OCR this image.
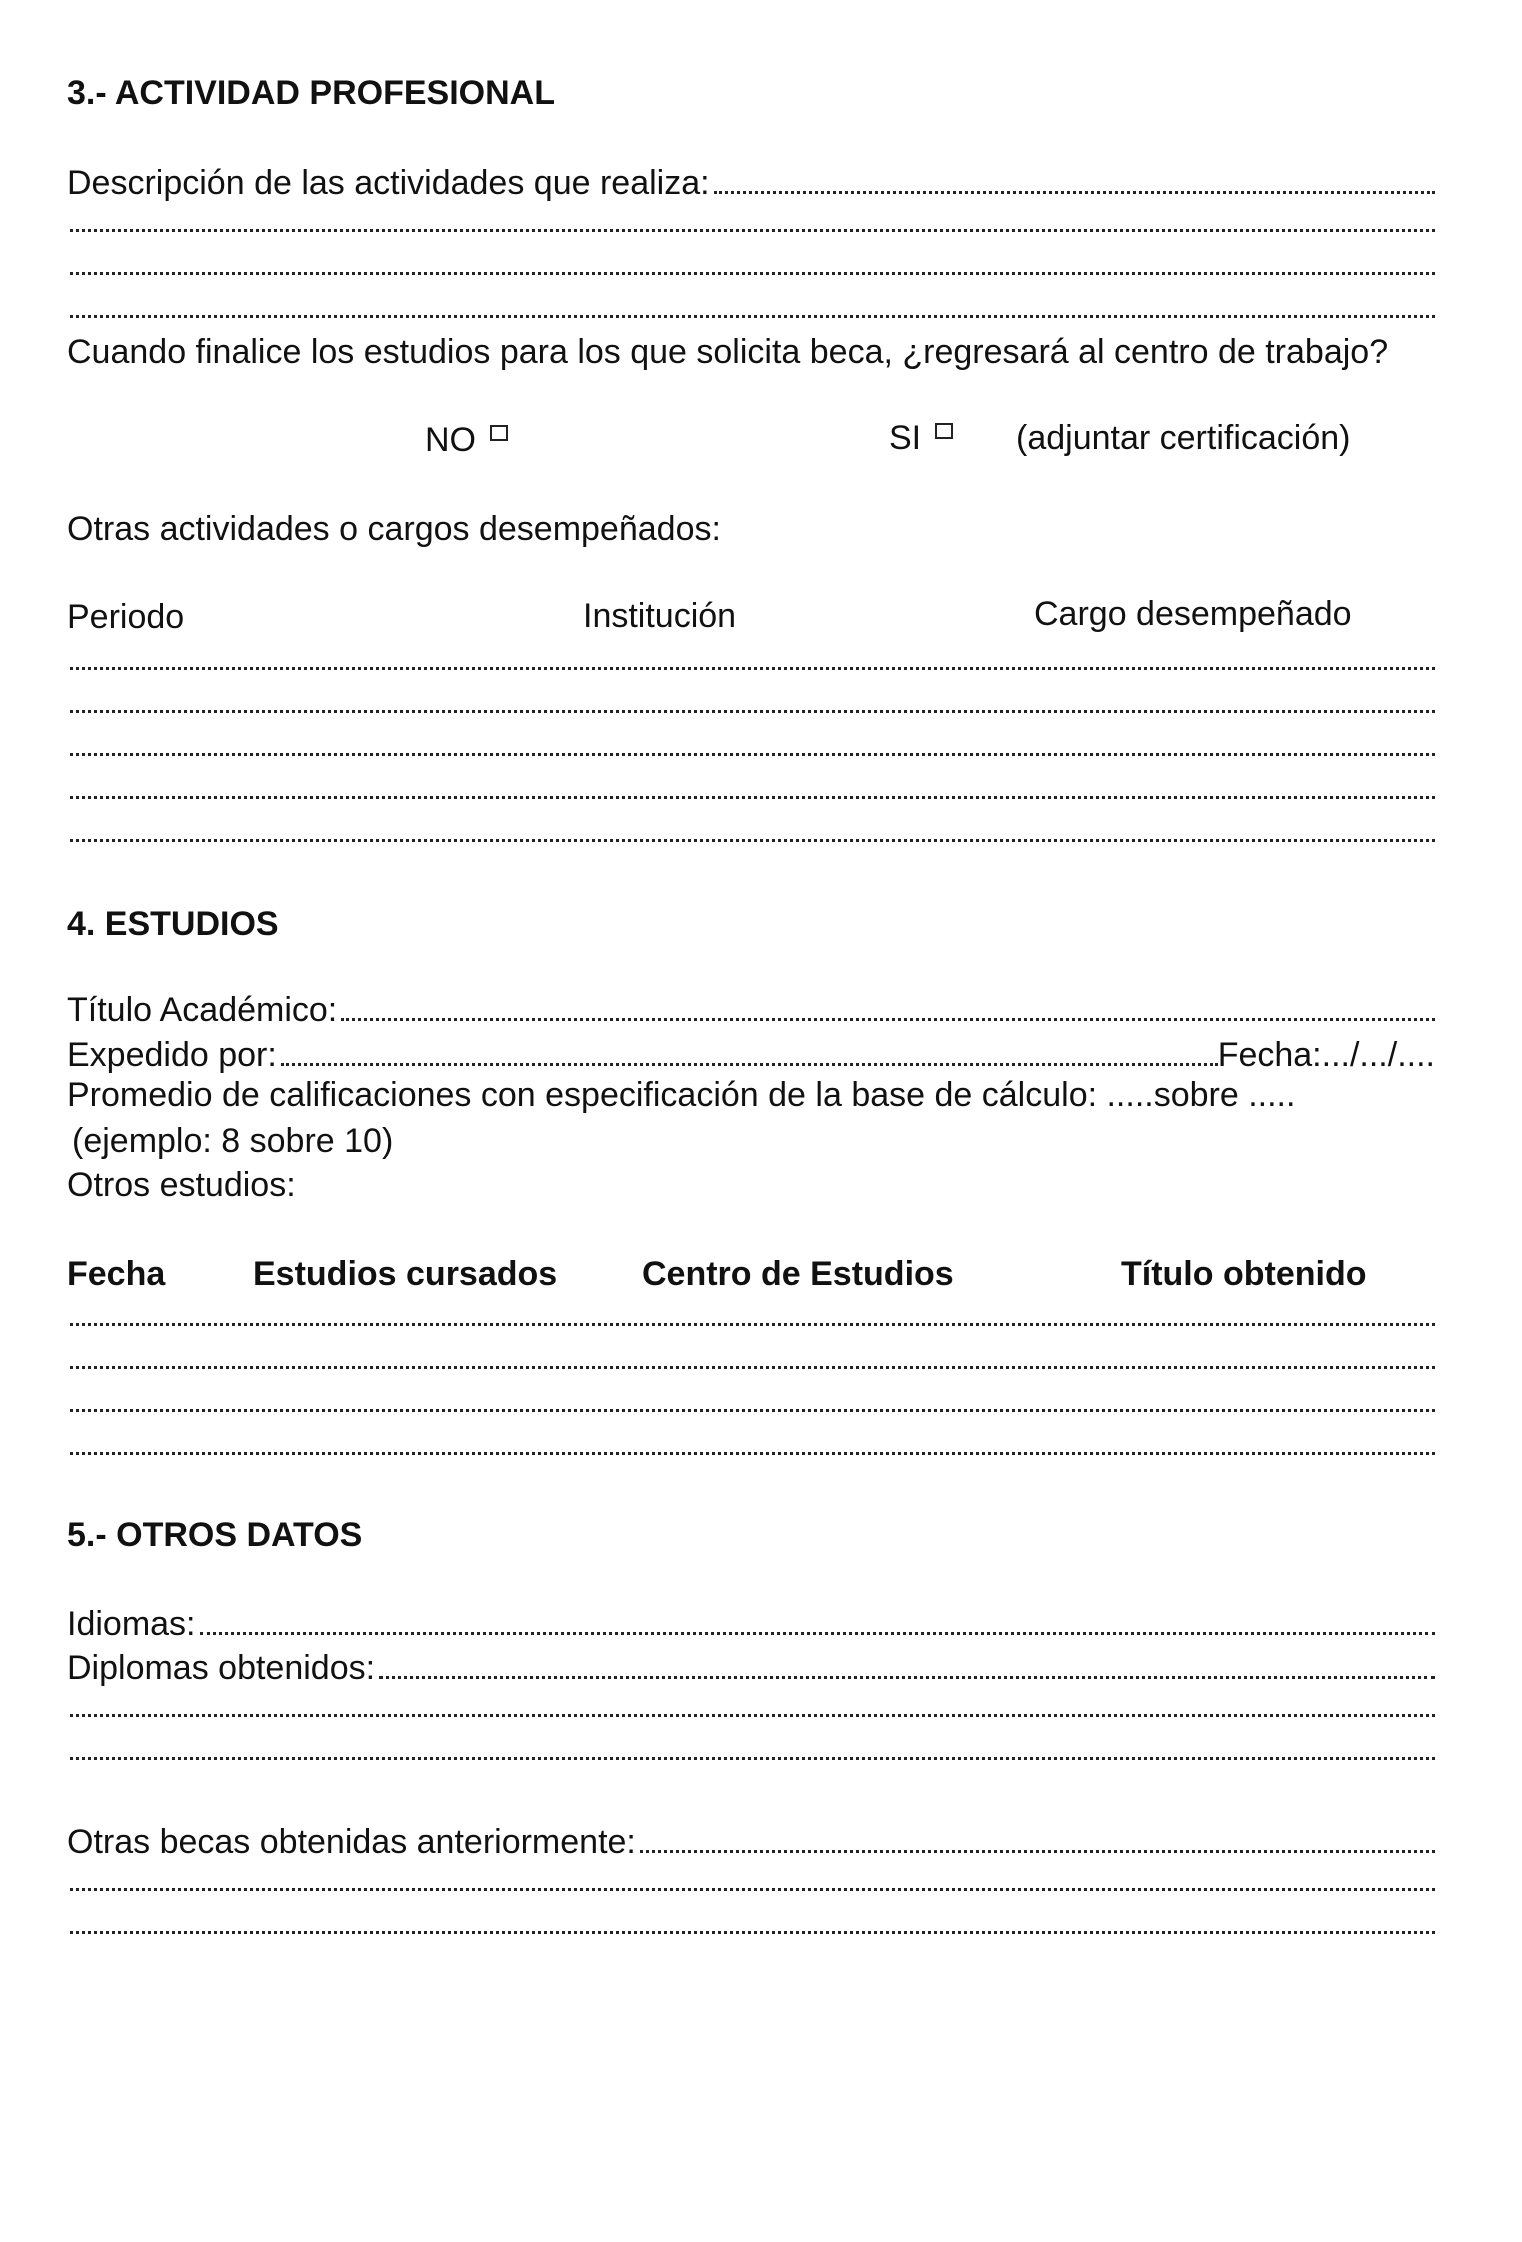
3.- ACTIVIDAD PROFESIONAL
Descripción de las actividades que realiza:
Cuando finalice los estudios para los que solicita beca, ¿regresará al centro de trabajo?
NO	SI	(adjuntar certificación)
Otras actividades o cargos desempeñados:
Periodo	Institución	Cargo desempeñado
4. ESTUDIOS
Título Académico:
Expedido por:	Fecha:.../.../....
Promedio de calificaciones con especificación de la base de cálculo: .....sobre .....
(ejemplo: 8 sobre 10)
Otros estudios:
Fecha	Estudios cursados Centro de Estudios	Título obtenido
5.- OTROS DATOS
Idiomas:
Diplomas obtenidos:
Otras becas obtenidas anteriormente:
